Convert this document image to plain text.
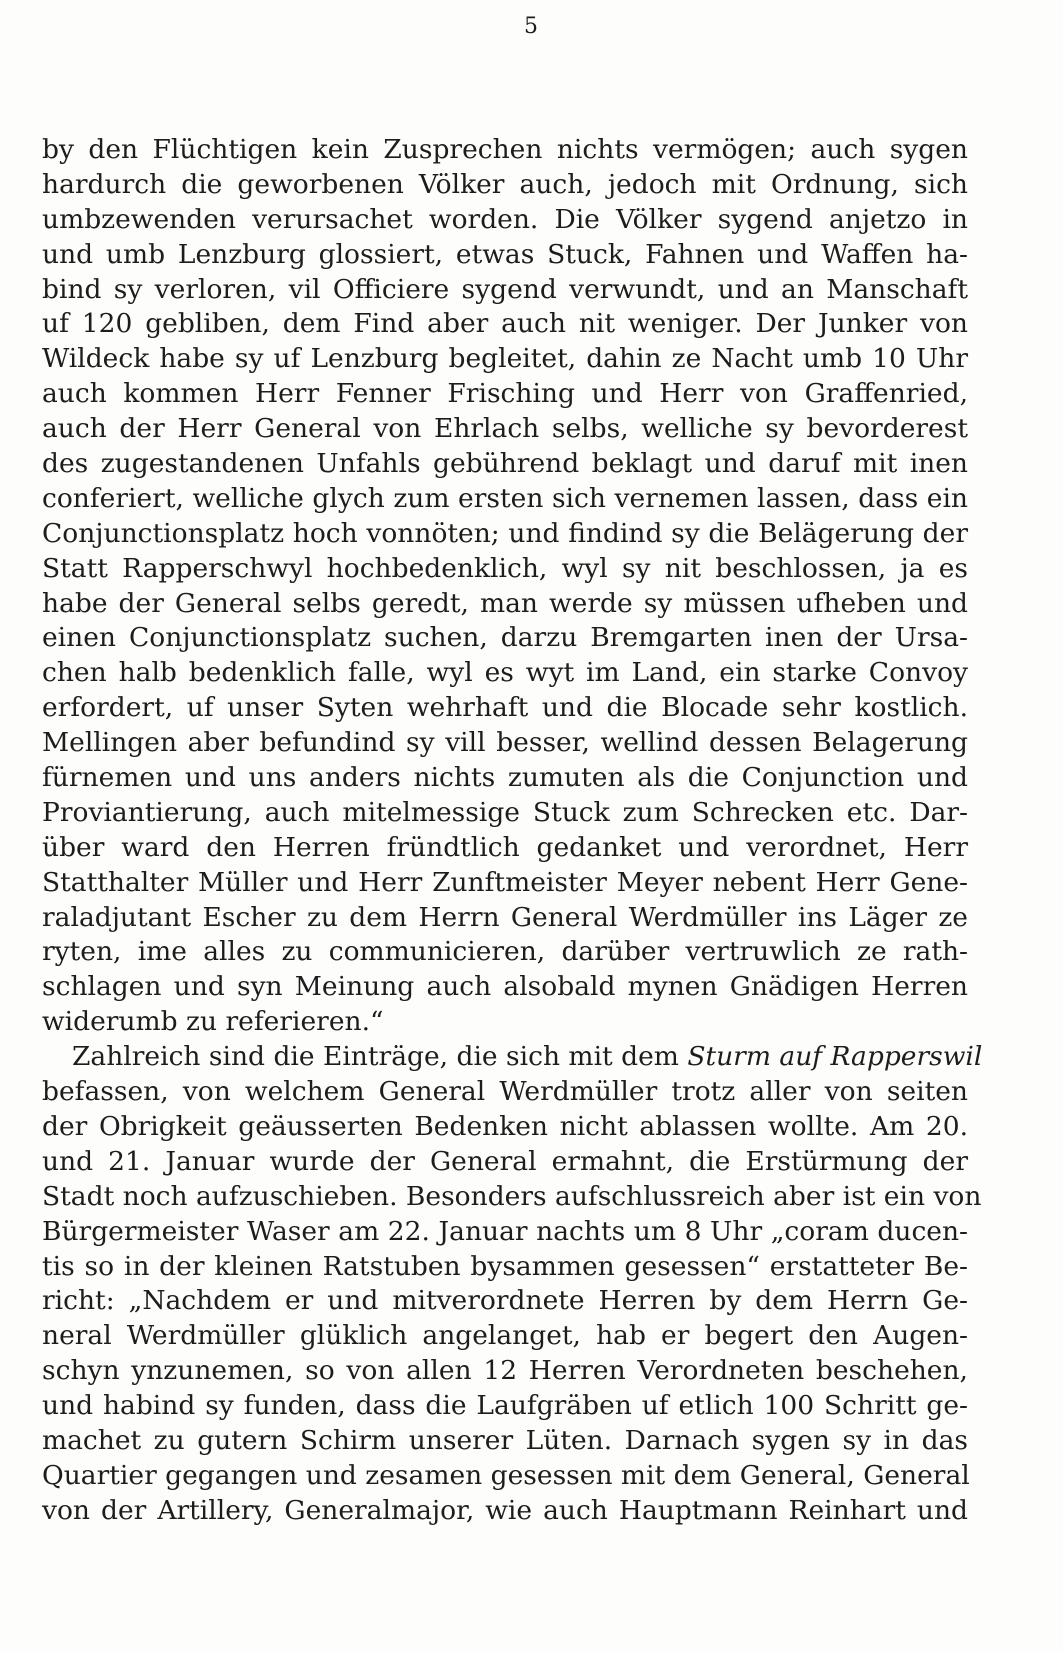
5
by den Flüchtigen kein Zusprechen nichts vermögen; auch sygen
hardurch die geworbenen Völker auch, jedoch mit Ordnung, sich
umbzewenden verursachet worden. Die Völker sygend anjetzo in
und umb Lenzburg glossiert, etwas Stuck, Fahnen und Waffen ha-
bind sy verloren, vil Officiere sygend verwundt, und an Manschaft
uf 120 gebliben, dem Find aber auch nit weniger. Der Junker von
Wildeck habe sy uf Lenzburg begleitet, dahin ze Nacht umb 10 Uhr
auch kommen Herr Fenner Frisching und Herr von Graffenried,
auch der Herr General von Ehrlach selbs, welliche sy bevorderest
des zugestandenen Unfahls gebührend beklagt und daruf mit inen
conferiert, welliche glych zum ersten sich vernemen lassen, dass ein
Conjunctionsplatz hoch vonnöten; und findind sy die Belägerung der
Statt Rapperschwyl hochbedenklich, wyl sy nit beschlossen, ja es
habe der General selbs geredt, man werde sy müssen ufheben und
einen Conjunctionsplatz suchen, darzu Bremgarten inen der Ursa-
chen halb bedenklich falle, wyl es wyt im Land, ein starke Convoy
erfordert, uf unser Syten wehrhaft und die Blocade sehr kostlich.
Mellingen aber befundind sy vill besser, wellind dessen Belagerung
fürnemen und uns anders nichts zumuten als die Conjunction und
Proviantierung, auch mitelmessige Stuck zum Schrecken etc. Dar-
über ward den Herren fründtlich gedanket und verordnet, Herr
Statthalter Müller und Herr Zunftmeister Meyer nebent Herr Gene-
raladjutant Escher zu dem Herrn General Werdmüller ins Läger ze
ryten, ime alles zu communicieren, darüber vertruwlich ze rath-
schlagen und syn Meinung auch alsobald mynen Gnädigen Herren
widerumb zu referieren.“
Zahlreich sind die Einträge, die sich mit dem Sturm auf Rapperswil
befassen, von welchem General Werdmüller trotz aller von seiten
der Obrigkeit geäusserten Bedenken nicht ablassen wollte. Am 20.
und 21. Januar wurde der General ermahnt, die Erstürmung der
Stadt noch aufzuschieben. Besonders aufschlussreich aber ist ein von
Bürgermeister Waser am 22. Januar nachts um 8 Uhr „coram ducen-
tis so in der kleinen Ratstuben bysammen gesessen“ erstatteter Be-
richt: „Nachdem er und mitverordnete Herren by dem Herrn Ge-
neral Werdmüller glüklich angelanget, hab er begert den Augen-
schyn ynzunemen, so von allen 12 Herren Verordneten beschehen,
und habind sy funden, dass die Laufgräben uf etlich 100 Schritt ge-
machet zu gutern Schirm unserer Lüten. Darnach sygen sy in das
Quartier gegangen und zesamen gesessen mit dem General, General
von der Artillery, Generalmajor, wie auch Hauptmann Reinhart und
